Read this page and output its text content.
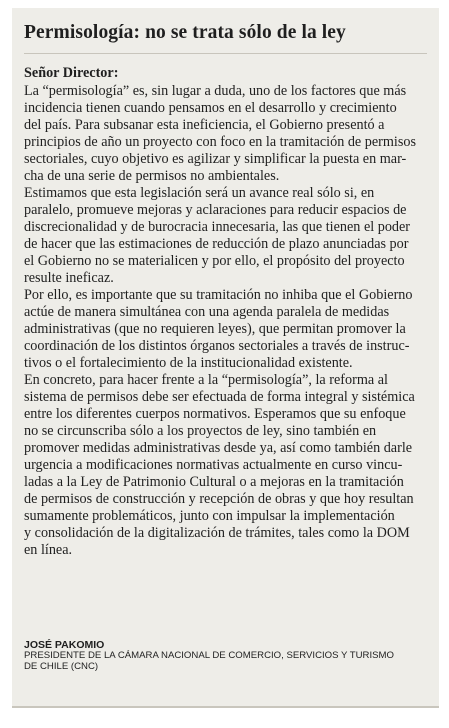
Permisología: no se trata sólo de la ley
Señor Director:
La “permisología” es, sin lugar a duda, uno de los factores que más
incidencia tienen cuando pensamos en el desarrollo y crecimiento
del país. Para subsanar esta ineficiencia, el Gobierno presentó a
principios de año un proyecto con foco en la tramitación de permisos
sectoriales, cuyo objetivo es agilizar y simplificar la puesta en mar-
cha de una serie de permisos no ambientales.
Estimamos que esta legislación será un avance real sólo si, en
paralelo, promueve mejoras y aclaraciones para reducir espacios de
discrecionalidad y de burocracia innecesaria, las que tienen el poder
de hacer que las estimaciones de reducción de plazo anunciadas por
el Gobierno no se materialicen y por ello, el propósito del proyecto
resulte ineficaz.
Por ello, es importante que su tramitación no inhiba que el Gobierno
actúe de manera simultánea con una agenda paralela de medidas
administrativas (que no requieren leyes), que permitan promover la
coordinación de los distintos órganos sectoriales a través de instruc-
tivos o el fortalecimiento de la institucionalidad existente.
En concreto, para hacer frente a la “permisología”, la reforma al
sistema de permisos debe ser efectuada de forma integral y sistémica
entre los diferentes cuerpos normativos. Esperamos que su enfoque
no se circunscriba sólo a los proyectos de ley, sino también en
promover medidas administrativas desde ya, así como también darle
urgencia a modificaciones normativas actualmente en curso vincu-
ladas a la Ley de Patrimonio Cultural o a mejoras en la tramitación
de permisos de construcción y recepción de obras y que hoy resultan
sumamente problemáticos, junto con impulsar la implementación
y consolidación de la digitalización de trámites, tales como la DOM
en línea.
JOSÉ PAKOMIO
PRESIDENTE DE LA CÁMARA NACIONAL DE COMERCIO, SERVICIOS Y TURISMO
DE CHILE (CNC)
